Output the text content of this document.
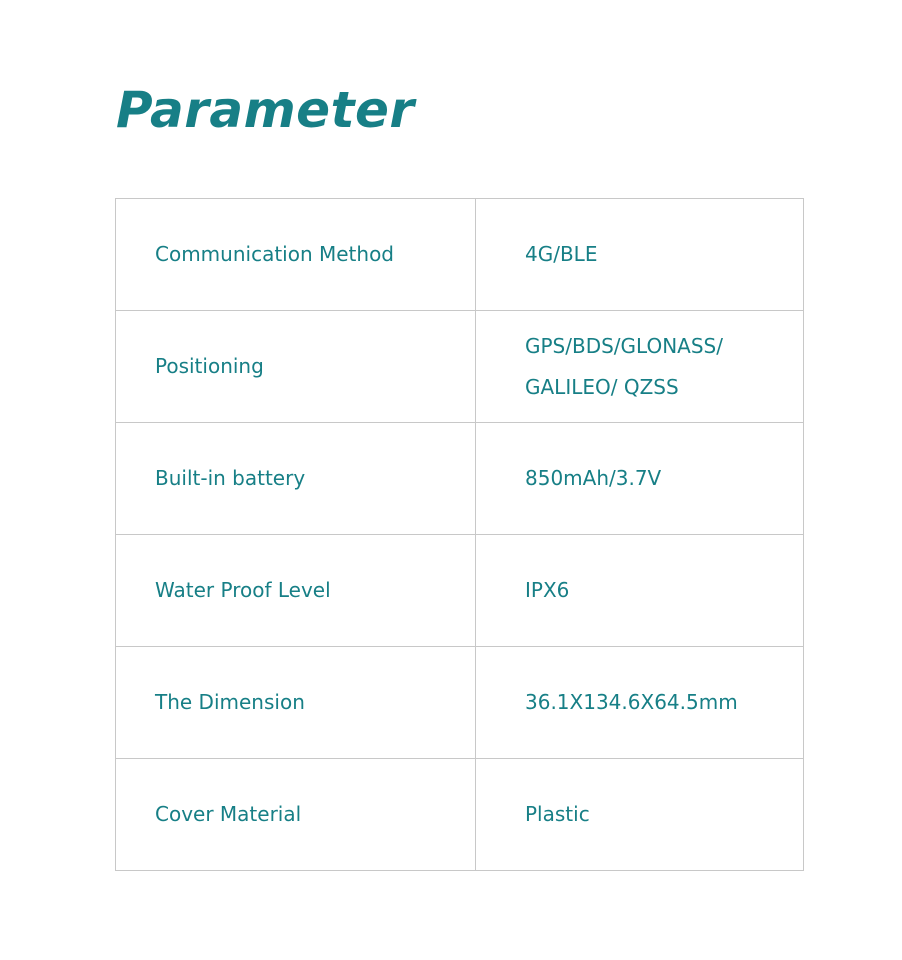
Parameter
Communication Method	4G/BLE
Positioning	GPS/BDS/GLONASS/
GALILEO/ QZSS
Built-in battery	850mAh/3.7V
Water Proof Level	IPX6
The Dimension	36.1X134.6X64.5mm
Cover Material	Plastic
